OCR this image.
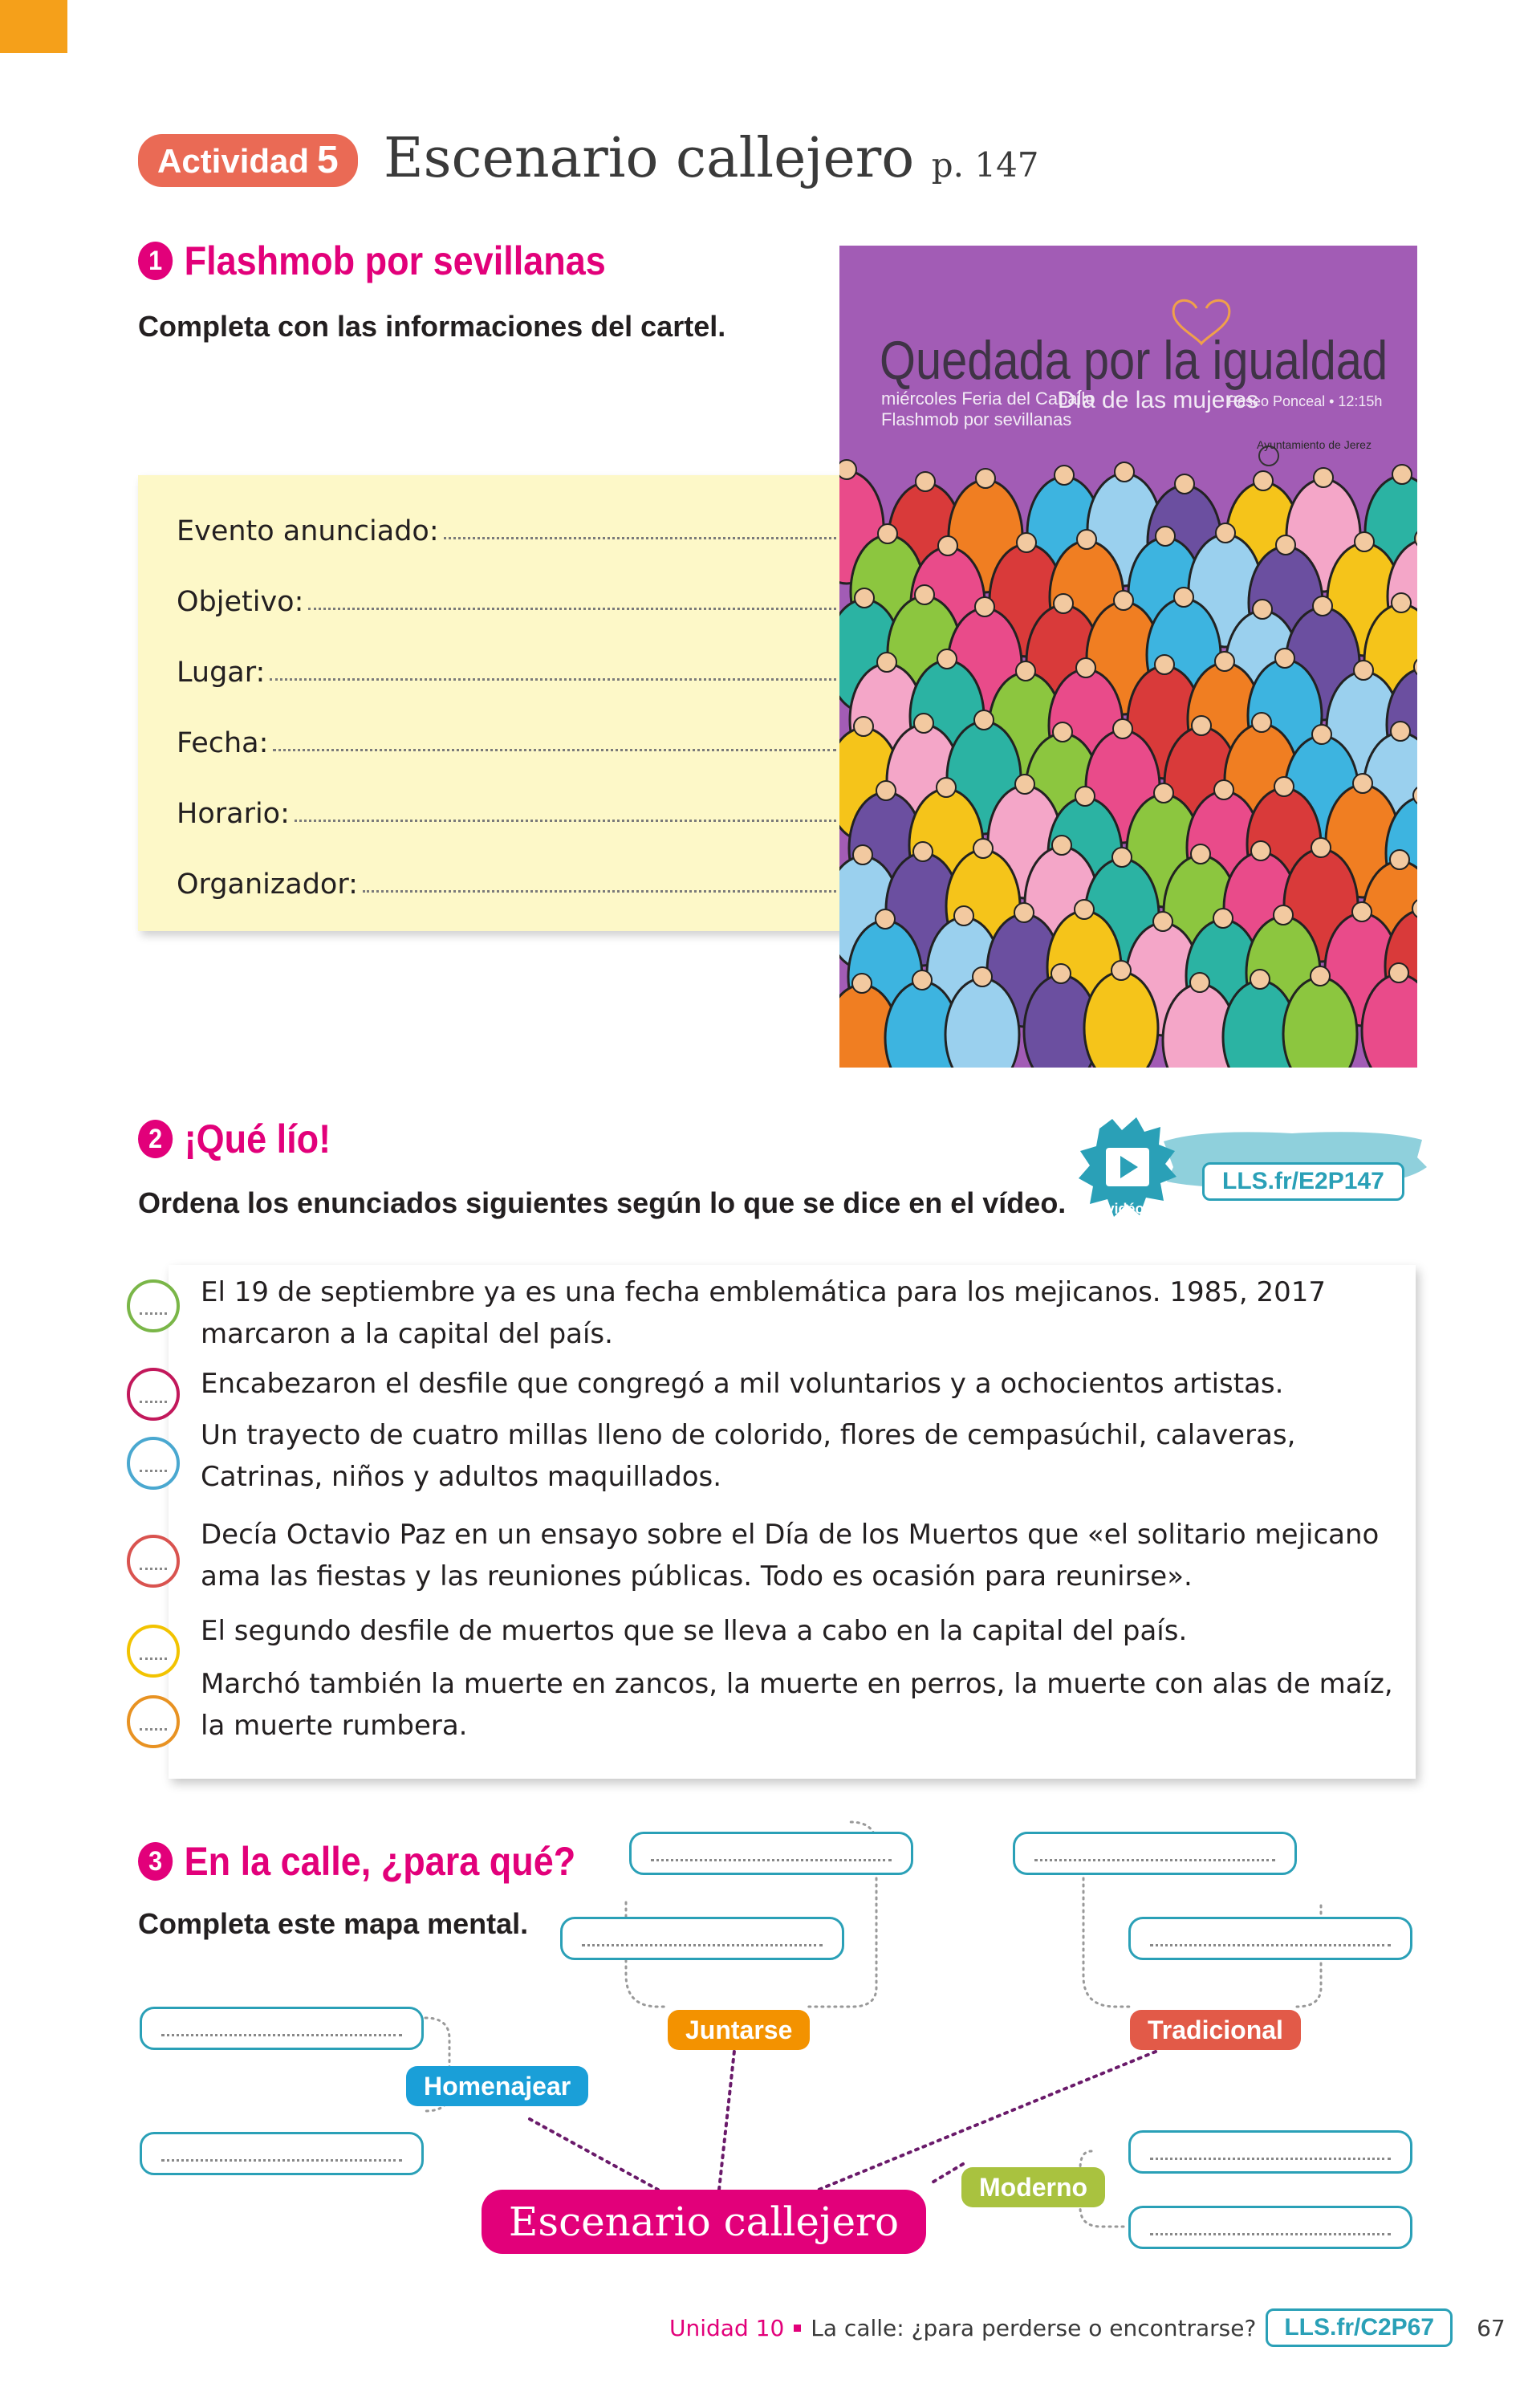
Actividad 5 Escenario callejero p. 147
1 Flashmob por sevillanas
Completa con las informaciones del cartel.
Evento anunciado:
Objetivo:
Lugar:
Fecha:
Horario:
Organizador:
Quedada por la igualdad
miércoles Feria del Caballo
Flashmob por sevillanas
Día de las mujeres
Paseo Ponceal • 12:15h
Ayuntamiento de Jerez
2 ¡Qué lío!
Ordena los enunciados siguientes según lo que se dice en el vídeo.
LLS.fr/E2P147
vidéo
El 19 de septiembre ya es una fecha emblemática para los mejicanos. 1985, 2017 marcaron a la capital del país.
Encabezaron el desfile que congregó a mil voluntarios y a ochocientos artistas.
Un trayecto de cuatro millas lleno de colorido, flores de cempasúchil, calaveras, Catrinas, niños y adultos maquillados.
Decía Octavio Paz en un ensayo sobre el Día de los Muertos que «el solitario mejicano ama las fiestas y las reuniones públicas. Todo es ocasión para reunirse».
El segundo desfile de muertos que se lleva a cabo en la capital del país.
Marchó también la muerte en zancos, la muerte en perros, la muerte con alas de maíz, la muerte rumbera.
3 En la calle, ¿para qué?
Completa este mapa mental.
Homenajear
Juntarse	Tradicional
Moderno
Escenario callejero
Unidad 10 La calle: ¿para perderse o encontrarse?	LLS.fr/C2P67	67
